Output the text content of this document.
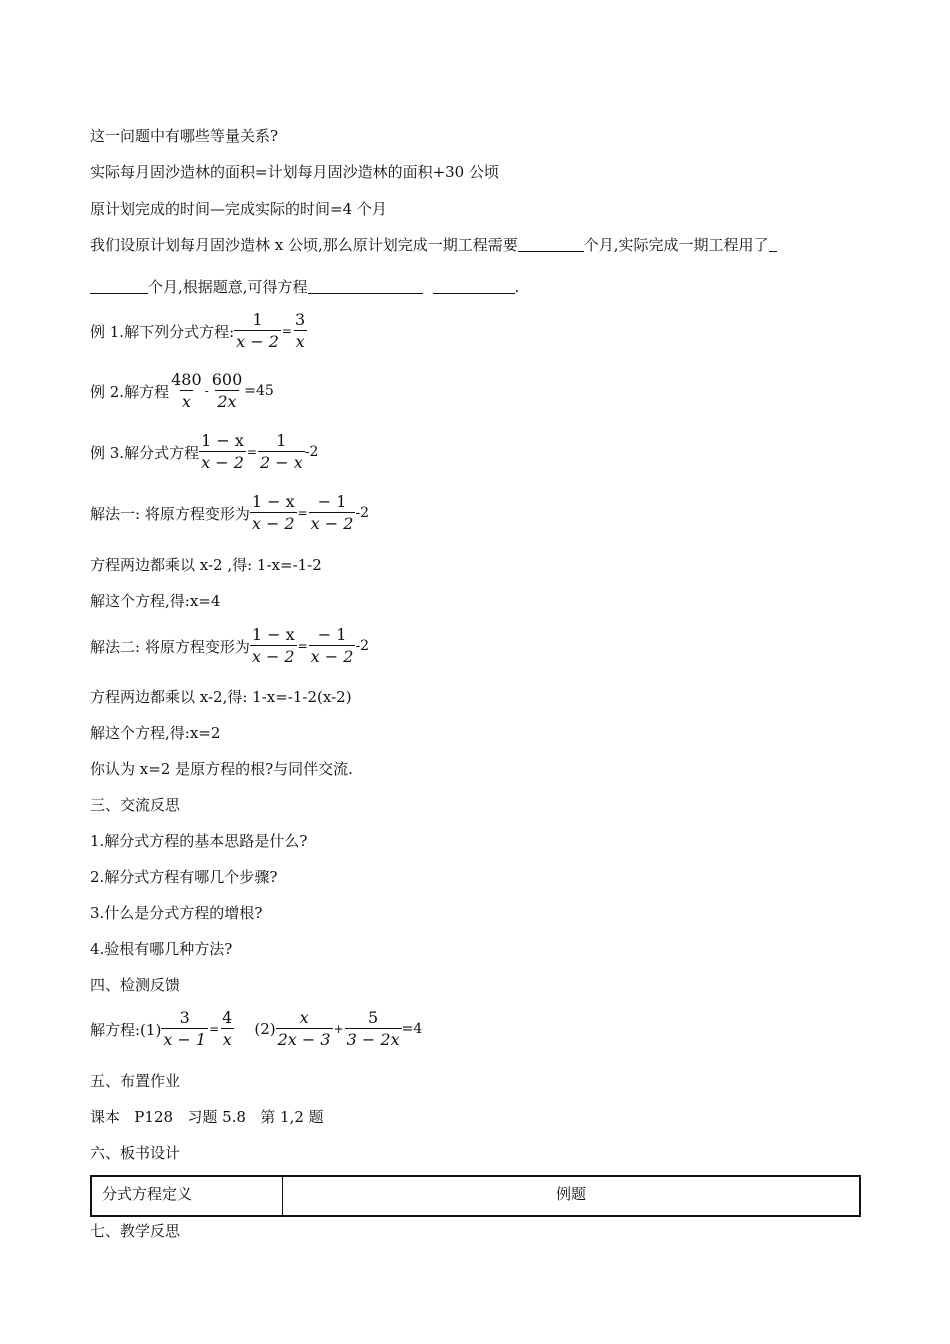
这一问题中有哪些等量关系?
实际每月固沙造林的面积=计划每月固沙造林的面积+30 公顷
原计划完成的时间—完成实际的时间=4 个月
我们设原计划每月固沙造林 x 公顷,那么原计划完成一期工程需要	个月,实际完成一期工程用了
个月,根据题意,可得方程	.
例 1.解下列分式方程: $\frac{1}{x - 2} = \frac{3}{x}$
例 2.解方程 $\frac{480}{x} - \frac{600}{2x} =45$
例 3.解分式方程 $\frac{1 - x}{x - 2} = \frac{1}{2 - x} -2$
解法一: 将原方程变形为 $\frac{1 - x}{x - 2} = \frac{- 1}{x - 2} -2$
方程两边都乘以 x-2 ,得: 1-x=-1-2
解这个方程,得:x=4
解法二: 将原方程变形为 $\frac{1 - x}{x - 2} = \frac{- 1}{x - 2} -2$
方程两边都乘以 x-2,得: 1-x=-1-2(x-2)
解这个方程,得:x=2
你认为 x=2 是原方程的根?与同伴交流.
三、交流反思
1.解分式方程的基本思路是什么?
2.解分式方程有哪几个步骤?
3.什么是分式方程的增根?
4.验根有哪几种方法?
四、检测反馈
解方程:(1) $\frac{3}{x - 1} = \frac{4}{x} (2) \frac{x}{2x - 3} + \frac{5}{3 - 2x} =4$
五、布置作业
课本   P128   习题 5.8   第 1,2 题
六、板书设计
分式方程定义	例题
七、教学反思
